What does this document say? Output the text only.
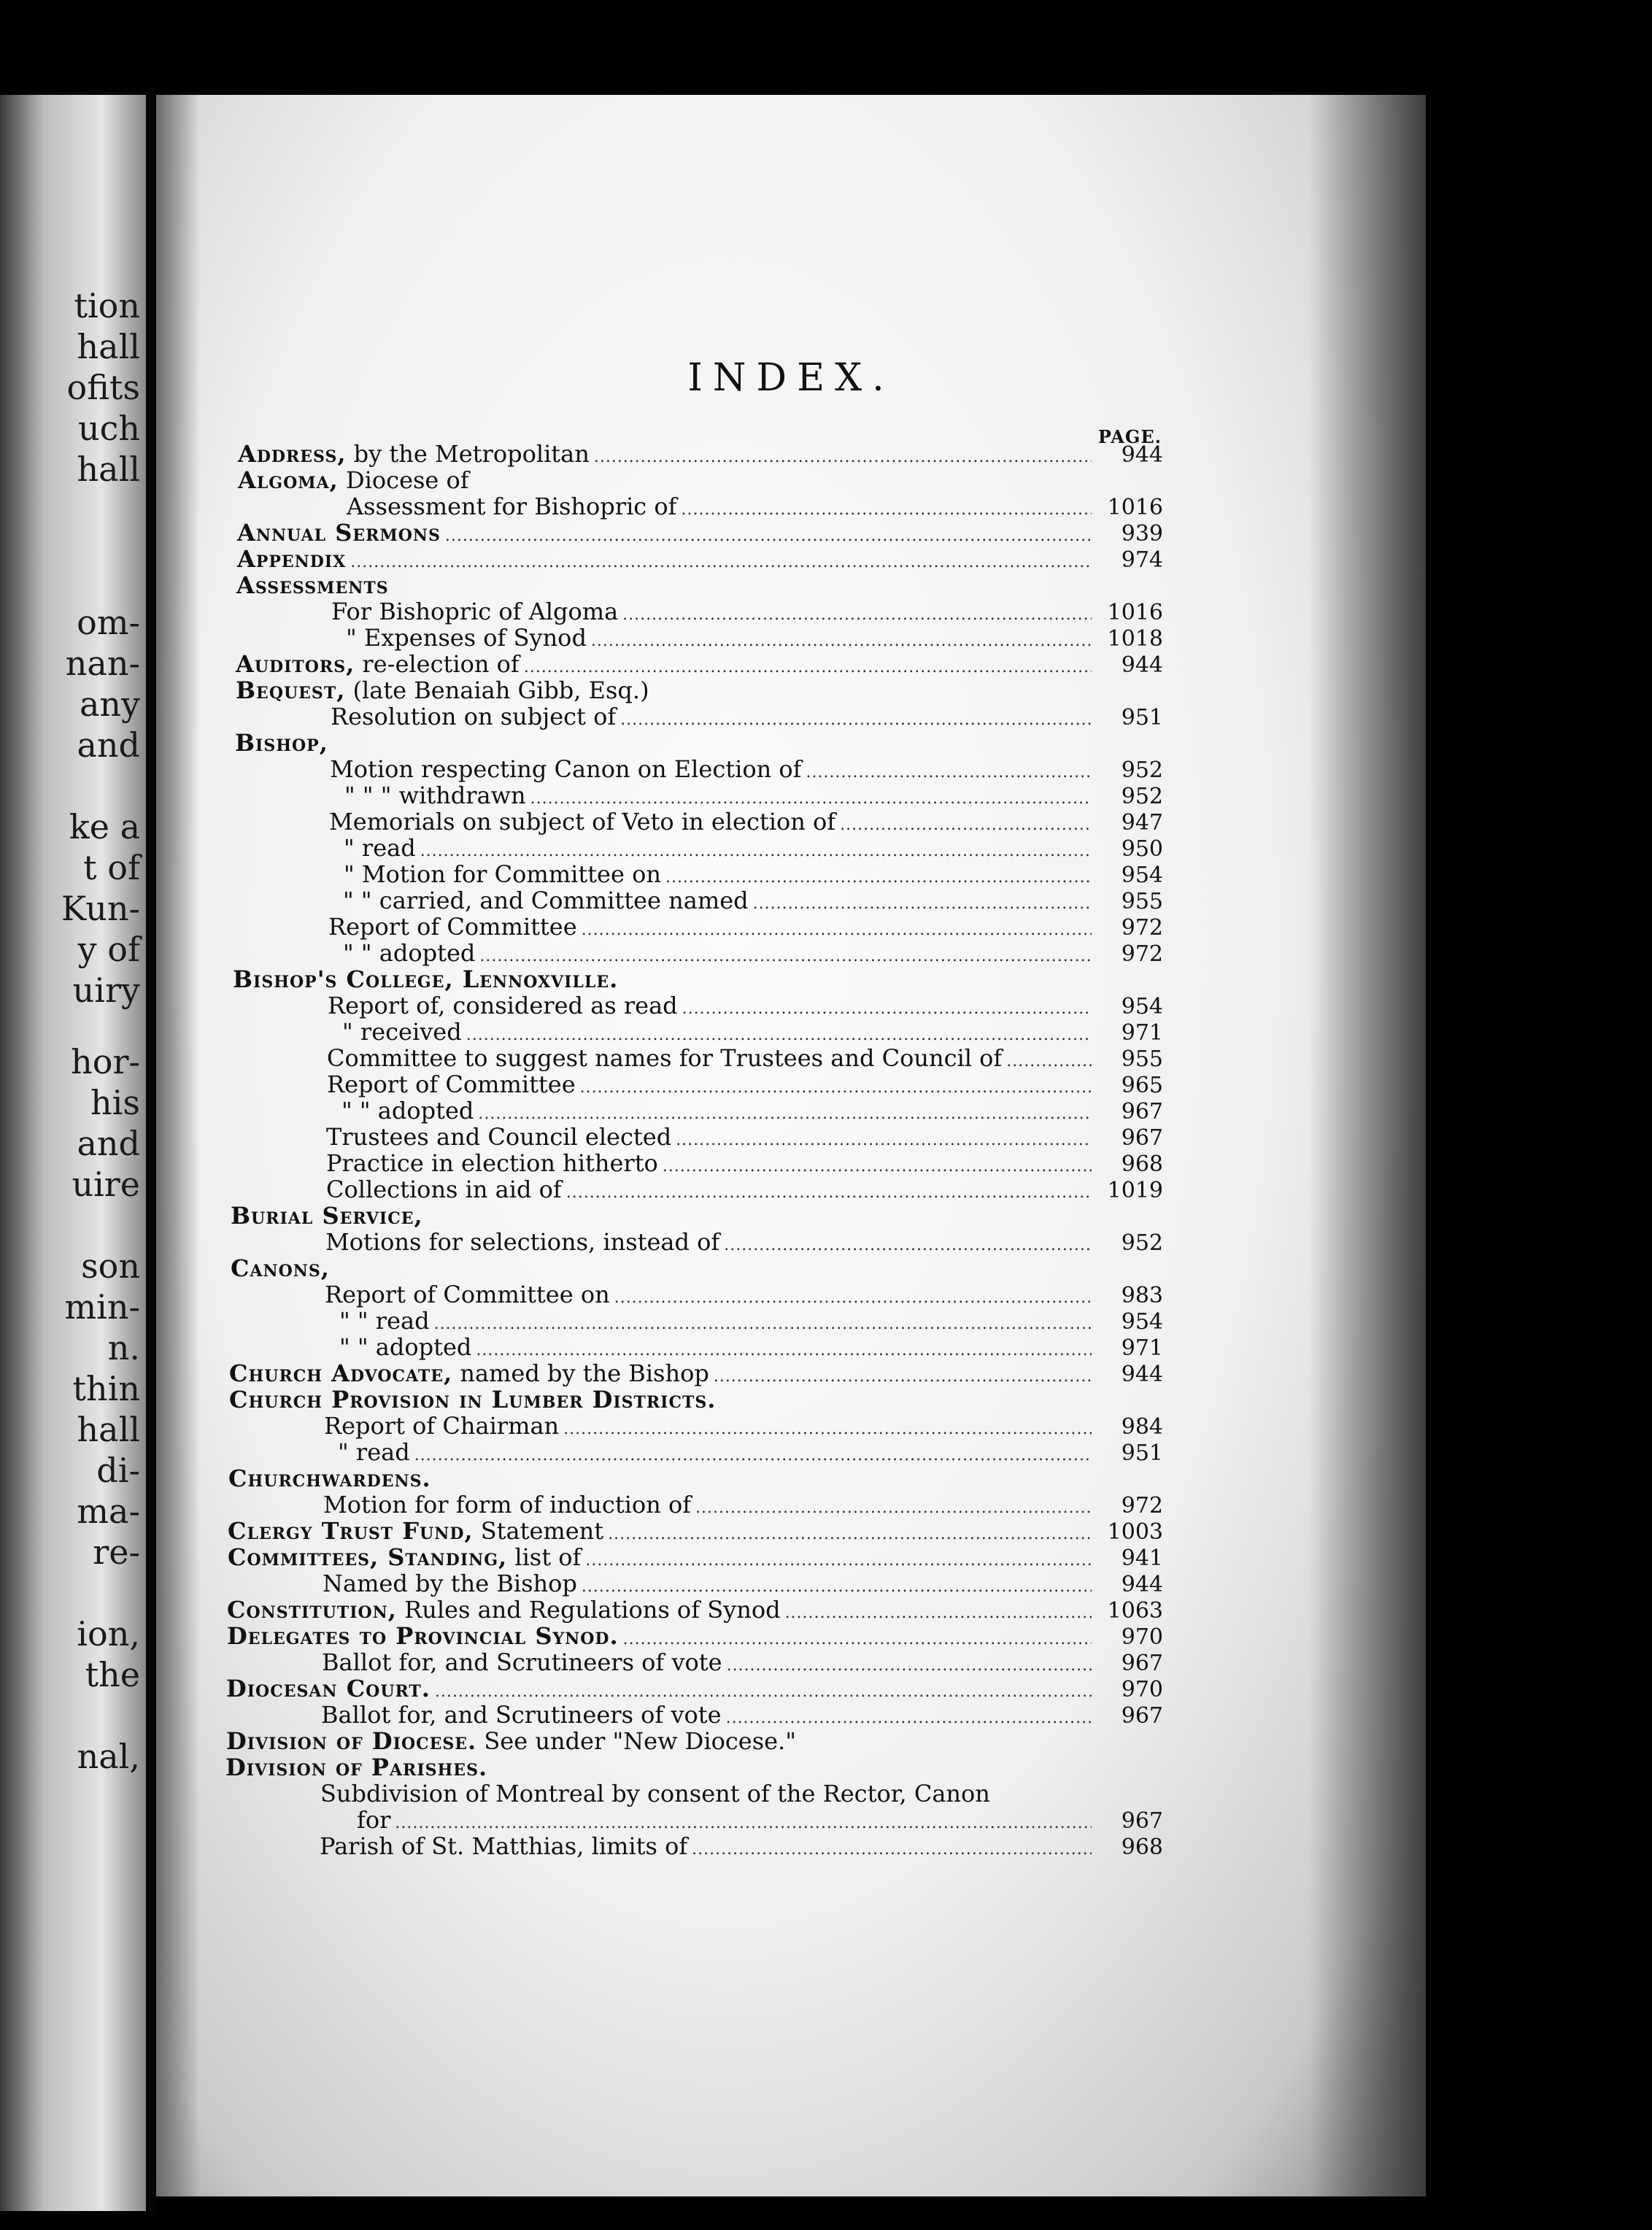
tion
hall
ofits
uch
hall
om-
nan-
any
and
ke a
t of
Kun-
y of
uiry
hor-
his
and
uire
son
min-
n.
thin
hall
di-
ma-
re-
ion,
the
nal,
INDEX.
PAGE.
Address, by the Metropolitan .....	944
Algoma, Diocese of
Assessment for Bishopric of .....	1016
Annual Sermons .....	939
Appendix .....	974
Assessments
For Bishopric of Algoma .....	1016
" Expenses of Synod .....	1018
Auditors, re-election of .....	944
Bequest, (late Benaiah Gibb, Esq.)
Resolution on subject of .....	951
Bishop,
Motion respecting Canon on Election of .....	952
" " " withdrawn .....	952
Memorials on subject of Veto in election of .....	947
" read .....	950
" Motion for Committee on .....	954
" " carried, and Committee named .....	955
Report of Committee .....	972
" " adopted .....	972
Bishop's College, Lennoxville.
Report of, considered as read .....	954
" received .....	971
Committee to suggest names for Trustees and Council of .....	955
Report of Committee .....	965
" " adopted .....	967
Trustees and Council elected .....	967
Practice in election hitherto .....	968
Collections in aid of .....	1019
Burial Service,
Motions for selections, instead of .....	952
Canons,
Report of Committee on .....	983
" " read .....	954
" " adopted .....	971
Church Advocate, named by the Bishop .....	944
Church Provision in Lumber Districts.
Report of Chairman .....	984
" read .....	951
Churchwardens.
Motion for form of induction of .....	972
Clergy Trust Fund, Statement .....	1003
Committees, Standing, list of .....	941
Named by the Bishop .....	944
Constitution, Rules and Regulations of Synod .....	1063
Delegates to Provincial Synod. .....	970
Ballot for, and Scrutineers of vote .....	967
Diocesan Court. .....	970
Ballot for, and Scrutineers of vote .....	967
Division of Diocese. See under "New Diocese."
Division of Parishes.
Subdivision of Montreal by consent of the Rector, Canon
for .....	967
Parish of St. Matthias, limits of .....	968
